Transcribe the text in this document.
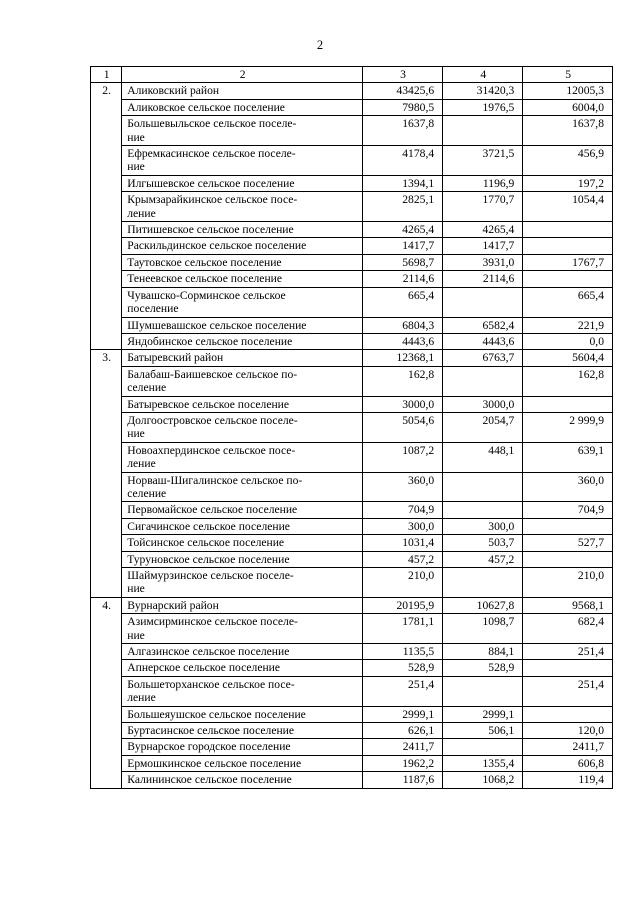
2
1	2	3	4	5
2.	Аликовский район	43425,6	31420,3	12005,3
	Аликовское сельское поселение	7980,5	1976,5	6004,0
	Большевыльское сельское поселе-
ние	1637,8		1637,8
	Ефремкасинское сельское поселе-
ние	4178,4	3721,5	456,9
	Илгышевское сельское поселение	1394,1	1196,9	197,2
	Крымзарайкинское сельское посе-
ление	2825,1	1770,7	1054,4
	Питишевское сельское поселение	4265,4	4265,4	
	Раскильдинское сельское поселение	1417,7	1417,7	
	Таутовское сельское поселение	5698,7	3931,0	1767,7
	Тенеевское сельское поселение	2114,6	2114,6	
	Чувашско-Сорминское сельское
поселение	665,4		665,4
	Шумшевашское сельское поселение	6804,3	6582,4	221,9
	Яндобинское сельское поселение	4443,6	4443,6	0,0
3.	Батыревский район	12368,1	6763,7	5604,4
	Балабаш-Баишевское сельское по-
селение	162,8		162,8
	Батыревское сельское поселение	3000,0	3000,0	
	Долгоостровское сельское поселе-
ние	5054,6	2054,7	2 999,9
	Новоахпердинское сельское посе-
ление	1087,2	448,1	639,1
	Норваш-Шигалинское сельское по-
селение	360,0		360,0
	Первомайское сельское поселение	704,9		704,9
	Сигачинское сельское поселение	300,0	300,0	
	Тойсинское сельское поселение	1031,4	503,7	527,7
	Туруновское сельское поселение	457,2	457,2	
	Шаймурзинское сельское поселе-
ние	210,0		210,0
4.	Вурнарский район	20195,9	10627,8	9568,1
	Азимсирминское сельское поселе-
ние	1781,1	1098,7	682,4
	Алгазинское сельское поселение	1135,5	884,1	251,4
	Апнерское сельское поселение	528,9	528,9	
	Большеторханское сельское посе-
ление	251,4		251,4
	Большеяушское сельское поселение	2999,1	2999,1	
	Буртасинское сельское поселение	626,1	506,1	120,0
	Вурнарское городское поселение	2411,7		2411,7
	Ермошкинское сельское поселение	1962,2	1355,4	606,8
	Калининское сельское поселение	1187,6	1068,2	119,4
